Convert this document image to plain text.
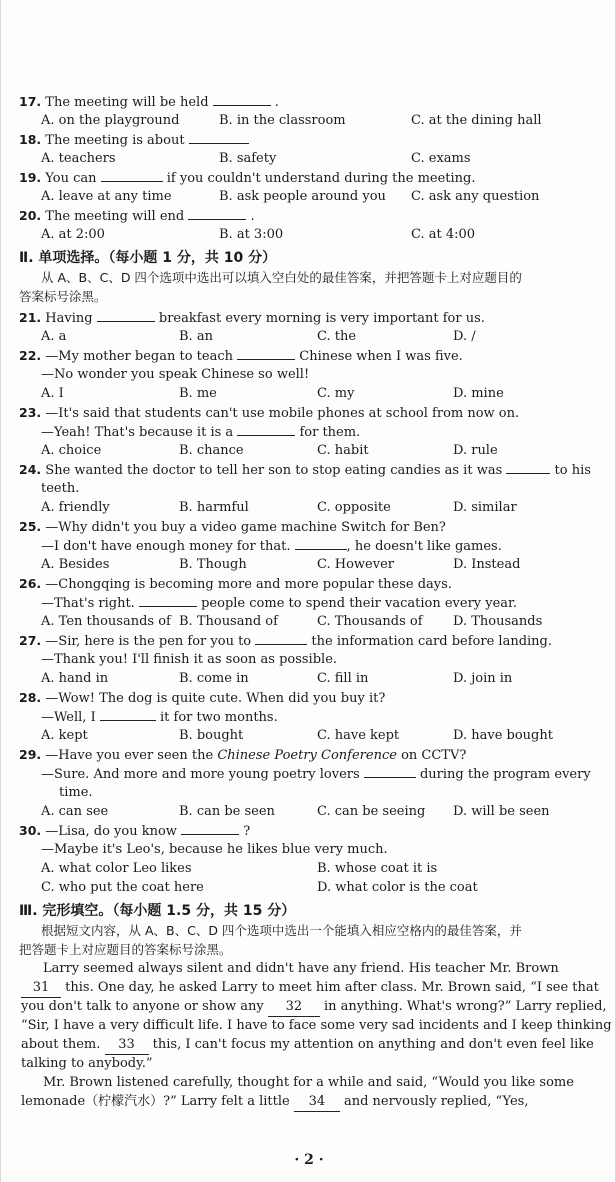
17. The meeting will be held	.
A. on the playground	B. in the classroom	C. at the dining hall
18. The meeting is about
A. teachers	B. safety	C. exams
19. You can	if you couldn't understand during the meeting.
A. leave at any time	B. ask people around you C. ask any question
20. The meeting will end	.
A. at 2:00	B. at 3:00	C. at 4:00
Ⅱ. 单项选择。（每小题 1 分，共 10 分）
从 A、B、C、D 四个选项中选出可以填入空白处的最佳答案，并把答题卡上对应题目的
答案标号涂黑。
21. Having	breakfast every morning is very important for us.
A. a	B. an	C. the	D. /
22. —My mother began to teach	Chinese when I was five.
—No wonder you speak Chinese so well!
A. I	B. me	C. my	D. mine
23. —It's said that students can't use mobile phones at school from now on.
—Yeah! That's because it is a	for them.
A. choice	B. chance	C. habit	D. rule
24. She wanted the doctor to tell her son to stop eating candies as it was	to his
teeth.
A. friendly	B. harmful	C. opposite	D. similar
25. —Why didn't you buy a video game machine Switch for Ben?
—I don't have enough money for that.	, he doesn't like games.
A. Besides	B. Though	C. However	D. Instead
26. —Chongqing is becoming more and more popular these days.
—That's right.	people come to spend their vacation every year.
A. Ten thousands of B. Thousand of	C. Thousands of D. Thousands
27. —Sir, here is the pen for you to	the information card before landing.
—Thank you! I'll finish it as soon as possible.
A. hand in	B. come in	C. fill in	D. join in
28. —Wow! The dog is quite cute. When did you buy it?
—Well, I	it for two months.
A. kept	B. bought	C. have kept	D. have bought
29. —Have you ever seen the Chinese Poetry Conference on CCTV?
—Sure. And more and more young poetry lovers	during the program every
time.
A. can see	B. can be seen	C. can be seeing D. will be seen
30. —Lisa, do you know	?
—Maybe it's Leo's, because he likes blue very much.
A. what color Leo likes	B. whose coat it is
C. who put the coat here	D. what color is the coat
Ⅲ. 完形填空。（每小题 1.5 分，共 15 分）
根据短文内容，从 A、B、C、D 四个选项中选出一个能填入相应空格内的最佳答案，并
把答题卡上对应题目的答案标号涂黑。
Larry seemed always silent and didn't have any friend. His teacher Mr. Brown
31 this. One day, he asked Larry to meet him after class. Mr. Brown said, “I see that
you don't talk to anyone or show any 32 in anything. What's wrong?” Larry replied,
“Sir, I have a very difficult life. I have to face some very sad incidents and I keep thinking
about them. 33 this, I can't focus my attention on anything and don't even feel like
talking to anybody.”
Mr. Brown listened carefully, thought for a while and said, “Would you like some
lemonade（柠檬汽水）?” Larry felt a little 34 and nervously replied, “Yes,
· 2 ·
